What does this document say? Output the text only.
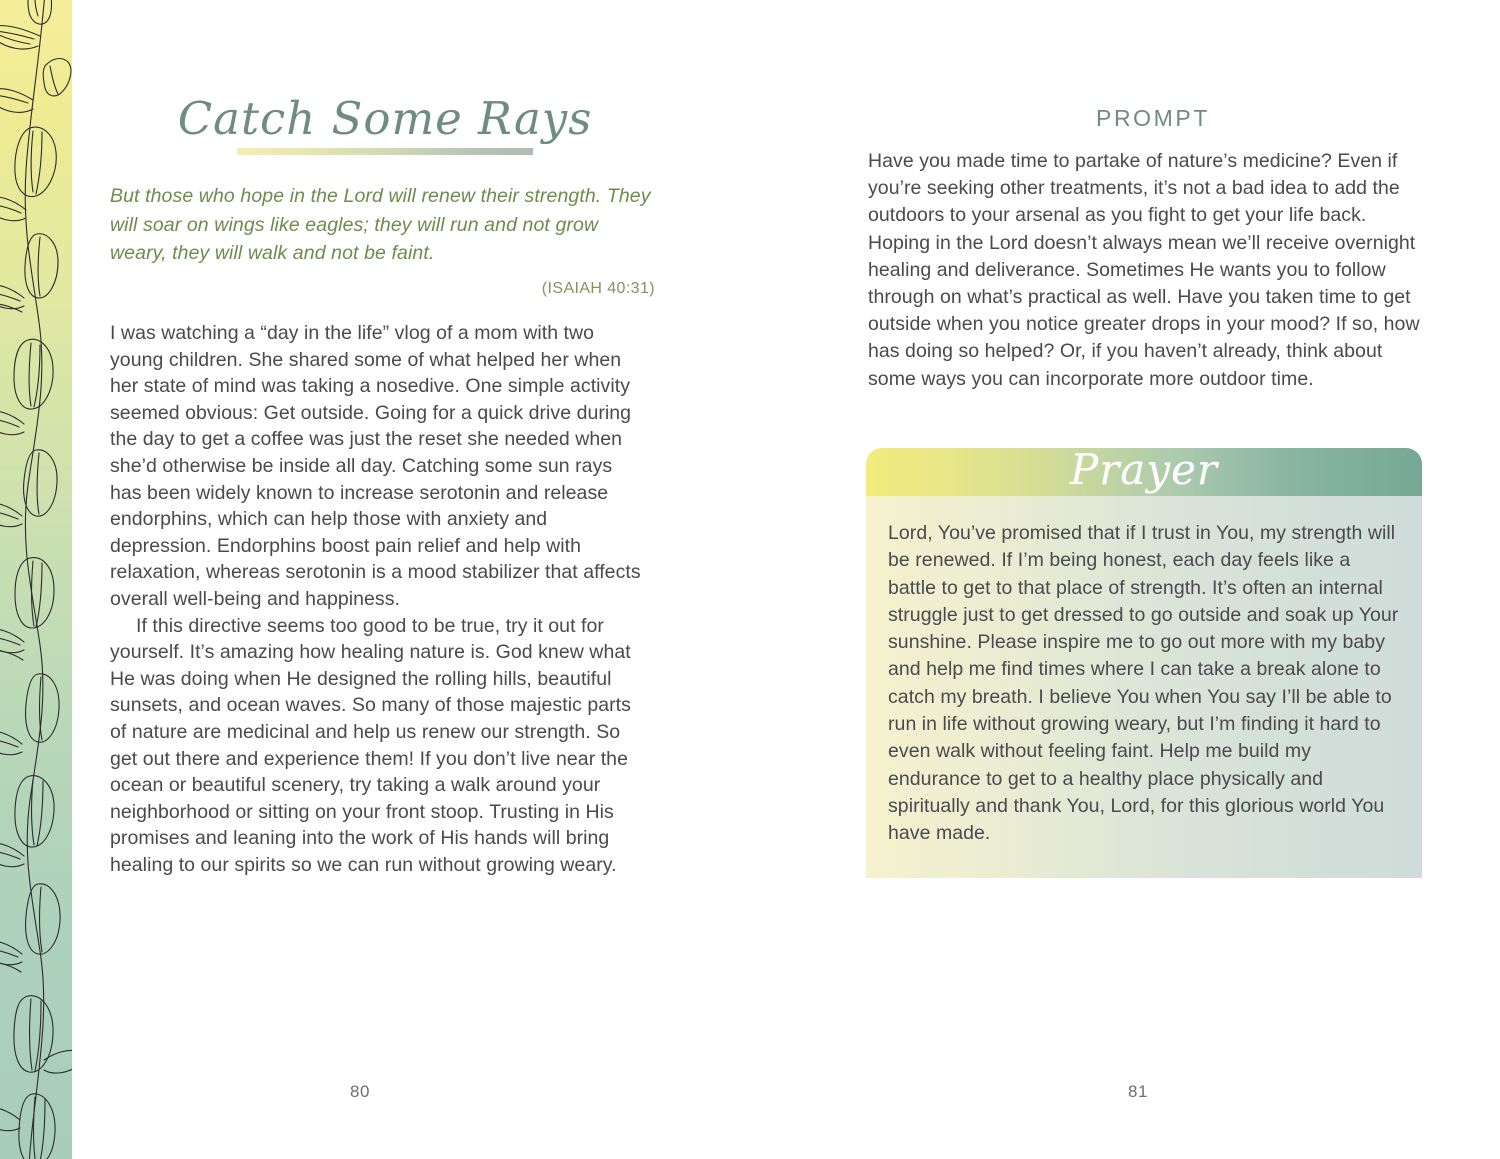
Catch Some Rays
But those who hope in the Lord will renew their strength. They will soar on wings like eagles; they will run and not grow weary, they will walk and not be faint.
(ISAIAH 40:31)

I was watching a “day in the life” vlog of a mom with two young children. She shared some of what helped her when her state of mind was taking a nosedive. One simple activity seemed obvious: Get outside. Going for a quick drive during the day to get a coffee was just the reset she needed when she’d otherwise be inside all day. Catching some sun rays has been widely known to increase serotonin and release endorphins, which can help those with anxiety and depression. Endorphins boost pain relief and help with relaxation, whereas serotonin is a mood stabilizer that affects overall well-being and happiness.

If this directive seems too good to be true, try it out for yourself. It’s amazing how healing nature is. God knew what He was doing when He designed the rolling hills, beautiful sunsets, and ocean waves. So many of those majestic parts of nature are medicinal and help us renew our strength. So get out there and experience them! If you don’t live near the ocean or beautiful scenery, try taking a walk around your neighborhood or sitting on your front stoop. Trusting in His promises and leaning into the work of His hands will bring healing to our spirits so we can run without growing weary.

80
PROMPT

Have you made time to partake of nature’s medicine? Even if you’re seeking other treatments, it’s not a bad idea to add the outdoors to your arsenal as you fight to get your life back. Hoping in the Lord doesn’t always mean we’ll receive overnight healing and deliverance. Sometimes He wants you to follow through on what’s practical as well. Have you taken time to get outside when you notice greater drops in your mood? If so, how has doing so helped? Or, if you haven’t already, think about some ways you can incorporate more outdoor time.

Prayer

Lord, You’ve promised that if I trust in You, my strength will be renewed. If I’m being honest, each day feels like a battle to get to that place of strength. It’s often an internal struggle just to get dressed to go outside and soak up Your sunshine. Please inspire me to go out more with my baby and help me find times where I can take a break alone to catch my breath. I believe You when You say I’ll be able to run in life without growing weary, but I’m finding it hard to even walk without feeling faint. Help me build my endurance to get to a healthy place physically and spiritually and thank You, Lord, for this glorious world You have made.

81
